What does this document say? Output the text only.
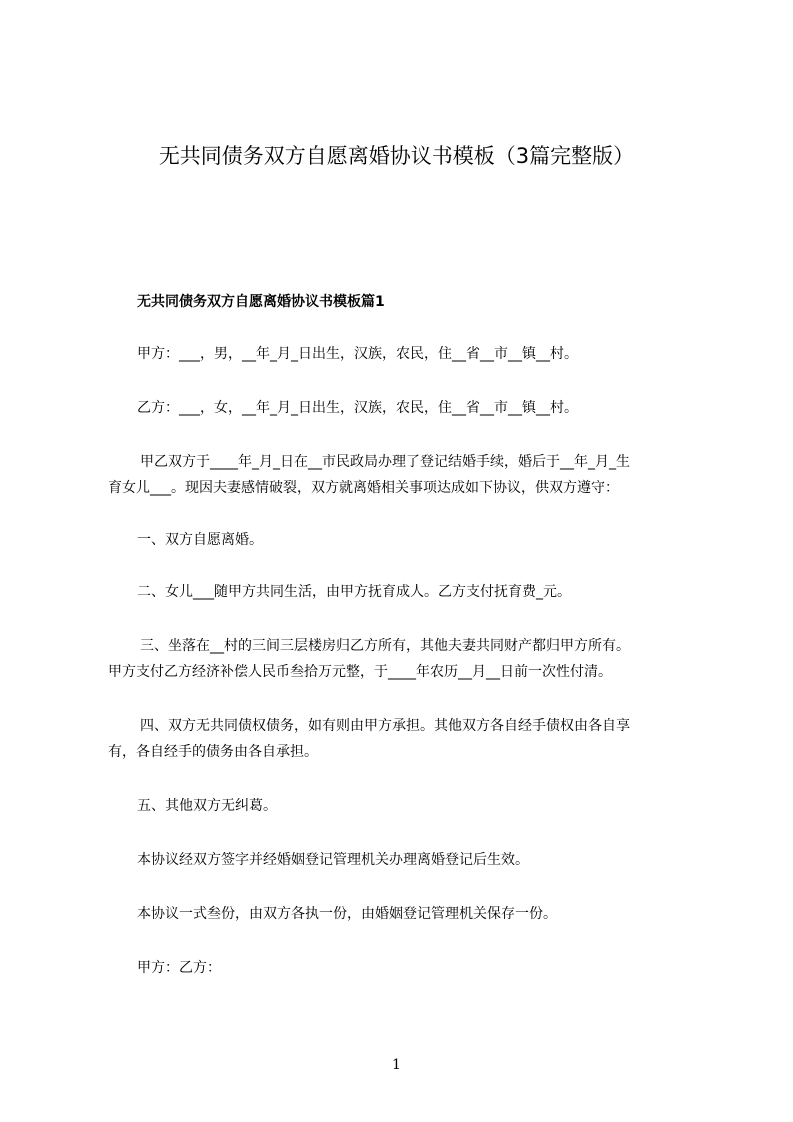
无共同债务双方自愿离婚协议书模板（3篇完整版）
无共同债务双方自愿离婚协议书模板篇1
甲方：___，男，__年_月_日出生，汉族，农民，住__省__市__镇__村。
乙方：___，女，__年_月_日出生，汉族，农民，住__省__市__镇__村。
甲乙双方于____年_月_日在__市民政局办理了登记结婚手续，婚后于__年_月_生
育女儿___。现因夫妻感情破裂，双方就离婚相关事项达成如下协议，供双方遵守：
一、双方自愿离婚。
二、女儿___随甲方共同生活，由甲方抚育成人。乙方支付抚育费_元。
三、坐落在__村的三间三层楼房归乙方所有，其他夫妻共同财产都归甲方所有。
甲方支付乙方经济补偿人民币叁拾万元整，于____年农历__月__日前一次性付清。
四、双方无共同债权债务，如有则由甲方承担。其他双方各自经手债权由各自享
有，各自经手的债务由各自承担。
五、其他双方无纠葛。
本协议经双方签字并经婚姻登记管理机关办理离婚登记后生效。
本协议一式叁份，由双方各执一份，由婚姻登记管理机关保存一份。
甲方：乙方：
1
